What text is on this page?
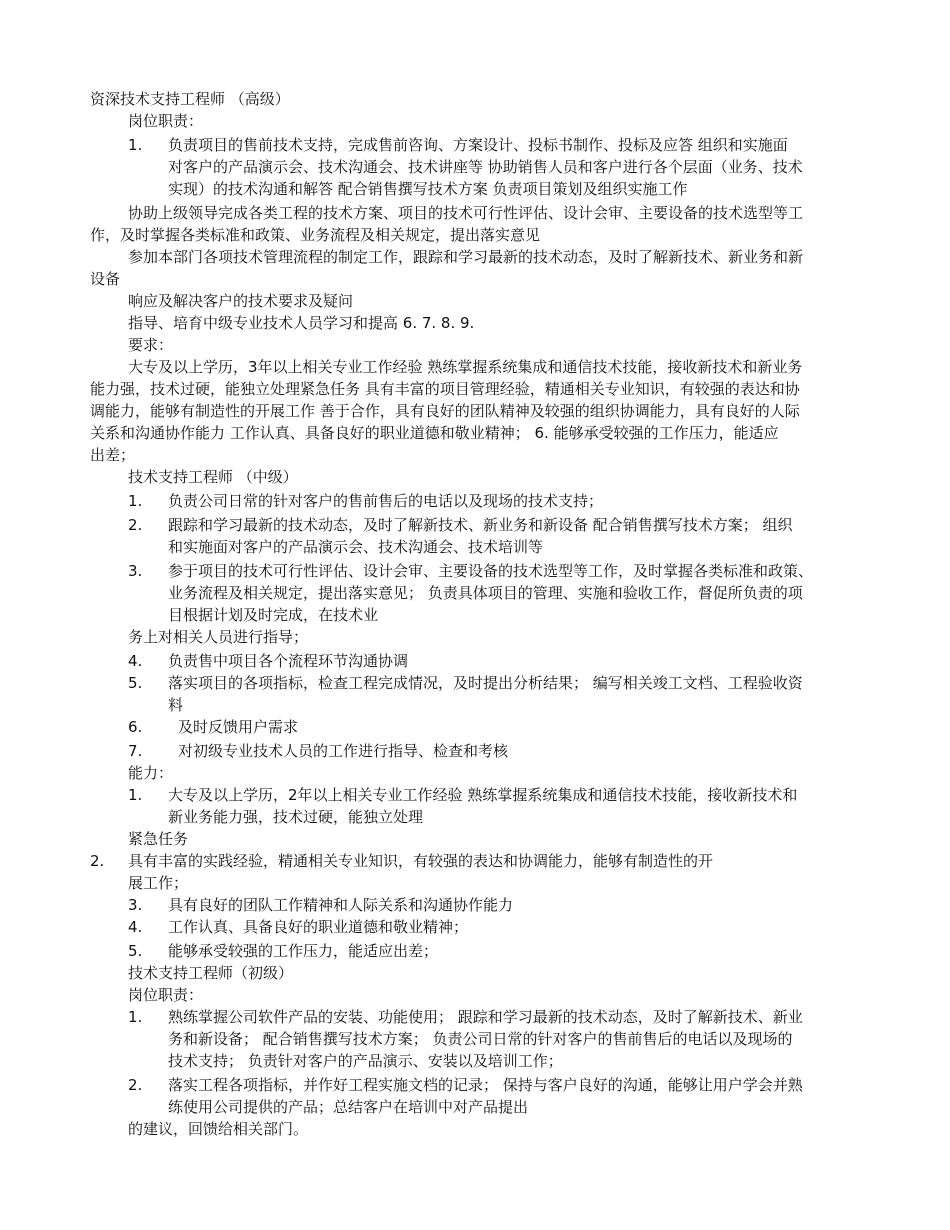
资深技术支持工程师 （高级）
岗位职责：
1. 负责项目的售前技术支持，完成售前咨询、方案设计、投标书制作、投标及应答 组织和实施面
对客户的产品演示会、技术沟通会、技术讲座等 协助销售人员和客户进行各个层面（业务、技术
实现）的技术沟通和解答 配合销售撰写技术方案 负责项目策划及组织实施工作
协助上级领导完成各类工程的技术方案、项目的技术可行性评估、设计会审、主要设备的技术选型等工
作，及时掌握各类标准和政策、业务流程及相关规定，提出落实意见
参加本部门各项技术管理流程的制定工作，跟踪和学习最新的技术动态，及时了解新技术、新业务和新
设备
响应及解决客户的技术要求及疑问
指导、培育中级专业技术人员学习和提高 6. 7. 8. 9.
要求：
大专及以上学历，3年以上相关专业工作经验 熟练掌握系统集成和通信技术技能，接收新技术和新业务
能力强，技术过硬，能独立处理紧急任务 具有丰富的项目管理经验，精通相关专业知识，有较强的表达和协
调能力，能够有制造性的开展工作 善于合作，具有良好的团队精神及较强的组织协调能力，具有良好的人际
关系和沟通协作能力 工作认真、具备良好的职业道德和敬业精神； 6. 能够承受较强的工作压力，能适应
出差；
技术支持工程师 （中级）
1. 负责公司日常的针对客户的售前售后的电话以及现场的技术支持；
2. 跟踪和学习最新的技术动态，及时了解新技术、新业务和新设备 配合销售撰写技术方案； 组织
和实施面对客户的产品演示会、技术沟通会、技术培训等
3. 参于项目的技术可行性评估、设计会审、主要设备的技术选型等工作，及时掌握各类标准和政策、
业务流程及相关规定，提出落实意见； 负责具体项目的管理、实施和验收工作，督促所负责的项
目根据计划及时完成，在技术业
务上对相关人员进行指导；
4. 负责售中项目各个流程环节沟通协调
5. 落实项目的各项指标，检查工程完成情况，及时提出分析结果； 编写相关竣工文档、工程验收资
料
6. 及时反馈用户需求
7. 对初级专业技术人员的工作进行指导、检查和考核
能力：
1. 大专及以上学历，2年以上相关专业工作经验 熟练掌握系统集成和通信技术技能，接收新技术和
新业务能力强，技术过硬，能独立处理
紧急任务
2. 具有丰富的实践经验，精通相关专业知识，有较强的表达和协调能力，能够有制造性的开
展工作；
3. 具有良好的团队工作精神和人际关系和沟通协作能力
4. 工作认真、具备良好的职业道德和敬业精神；
5. 能够承受较强的工作压力，能适应出差；
技术支持工程师（初级）
岗位职责：
1. 熟练掌握公司软件产品的安装、功能使用； 跟踪和学习最新的技术动态，及时了解新技术、新业
务和新设备； 配合销售撰写技术方案； 负责公司日常的针对客户的售前售后的电话以及现场的
技术支持； 负责针对客户的产品演示、安装以及培训工作；
2. 落实工程各项指标，并作好工程实施文档的记录； 保持与客户良好的沟通，能够让用户学会并熟
练使用公司提供的产品；总结客户在培训中对产品提出
的建议，回馈给相关部门。
